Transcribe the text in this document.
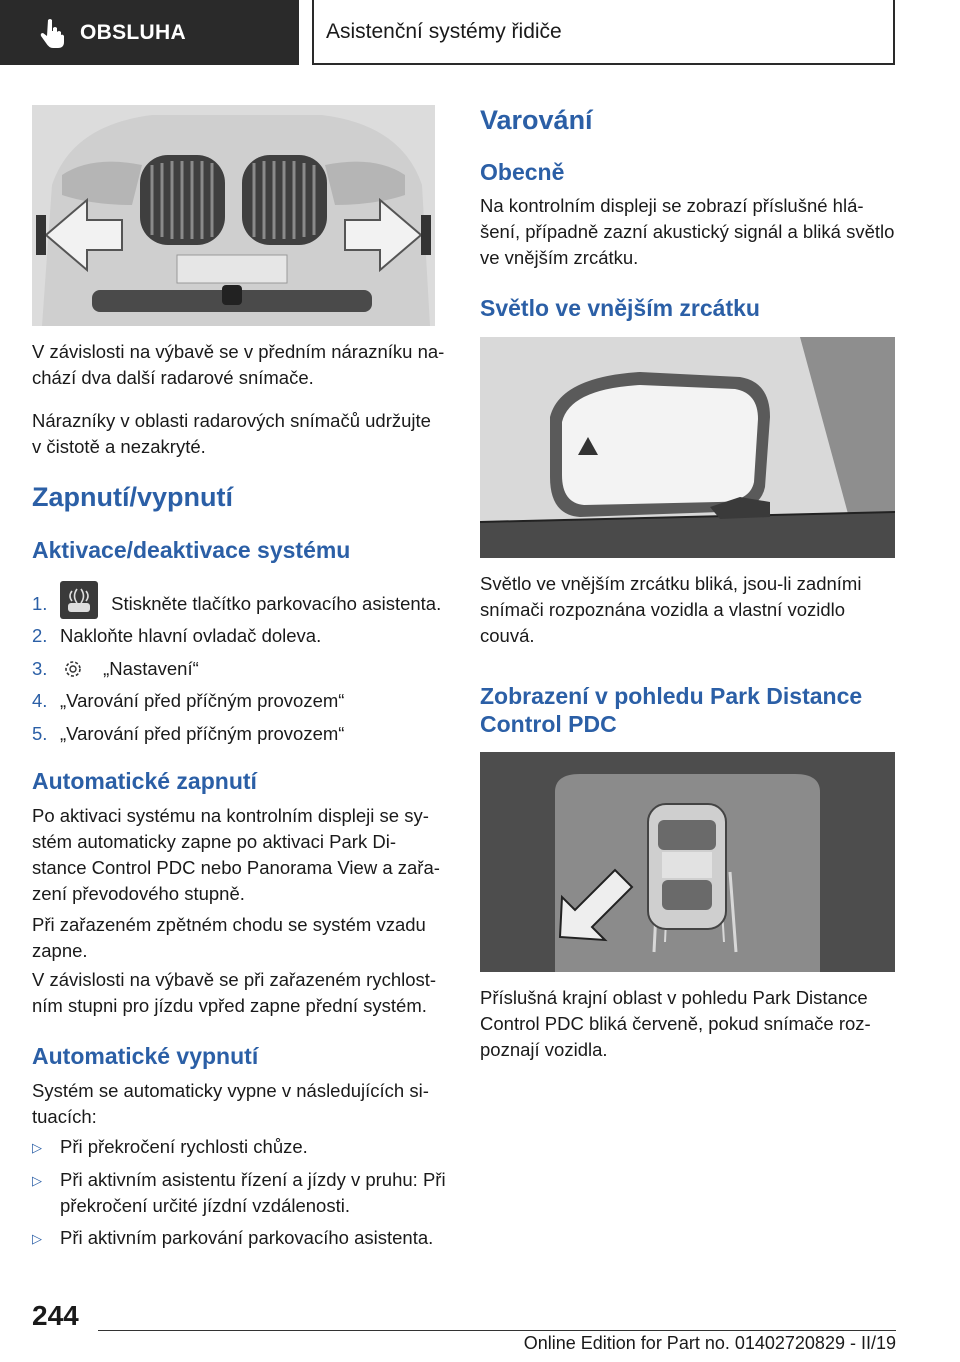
OBSLUHA	Asistenční systémy řidiče
V závislosti na výbavě se v předním nárazníku na-chází dva další radarové snímače.
Nárazníky v oblasti radarových snímačů udržujte v čistotě a nezakryté.
Zapnutí/vypnutí
Aktivace/deaktivace systému
1.	Stiskněte tlačítko parkovacího asistenta.
2. Nakloňte hlavní ovladač doleva.
3.	„Nastavení“
4. „Varování před příčným provozem“
5. „Varování před příčným provozem“
Automatické zapnutí
Po aktivaci systému na kontrolním displeji se sy-stém automaticky zapne po aktivaci Park Di-stance Control PDC nebo Panorama View a zařa-zení převodového stupně.
Při zařazeném zpětném chodu se systém vzadu zapne.
V závislosti na výbavě se při zařazeném rychlost-ním stupni pro jízdu vpřed zapne přední systém.
Automatické vypnutí
Systém se automaticky vypne v následujících si-tuacích:
▷ Při překročení rychlosti chůze.
▷ Při aktivním asistentu řízení a jízdy v pruhu: Při překročení určité jízdní vzdálenosti.
▷ Při aktivním parkování parkovacího asistenta.
Varování
Obecně
Na kontrolním displeji se zobrazí příslušné hlá-šení, případně zazní akustický signál a bliká světlo ve vnějším zrcátku.
Světlo ve vnějším zrcátku
Světlo ve vnějším zrcátku bliká, jsou-li zadními snímači rozpoznána vozidla a vlastní vozidlo couvá.
Zobrazení v pohledu Park Distance Control PDC
Příslušná krajní oblast v pohledu Park Distance Control PDC bliká červeně, pokud snímače roz-poznají vozidla.
244
Online Edition for Part no. 01402720829 - II/19
